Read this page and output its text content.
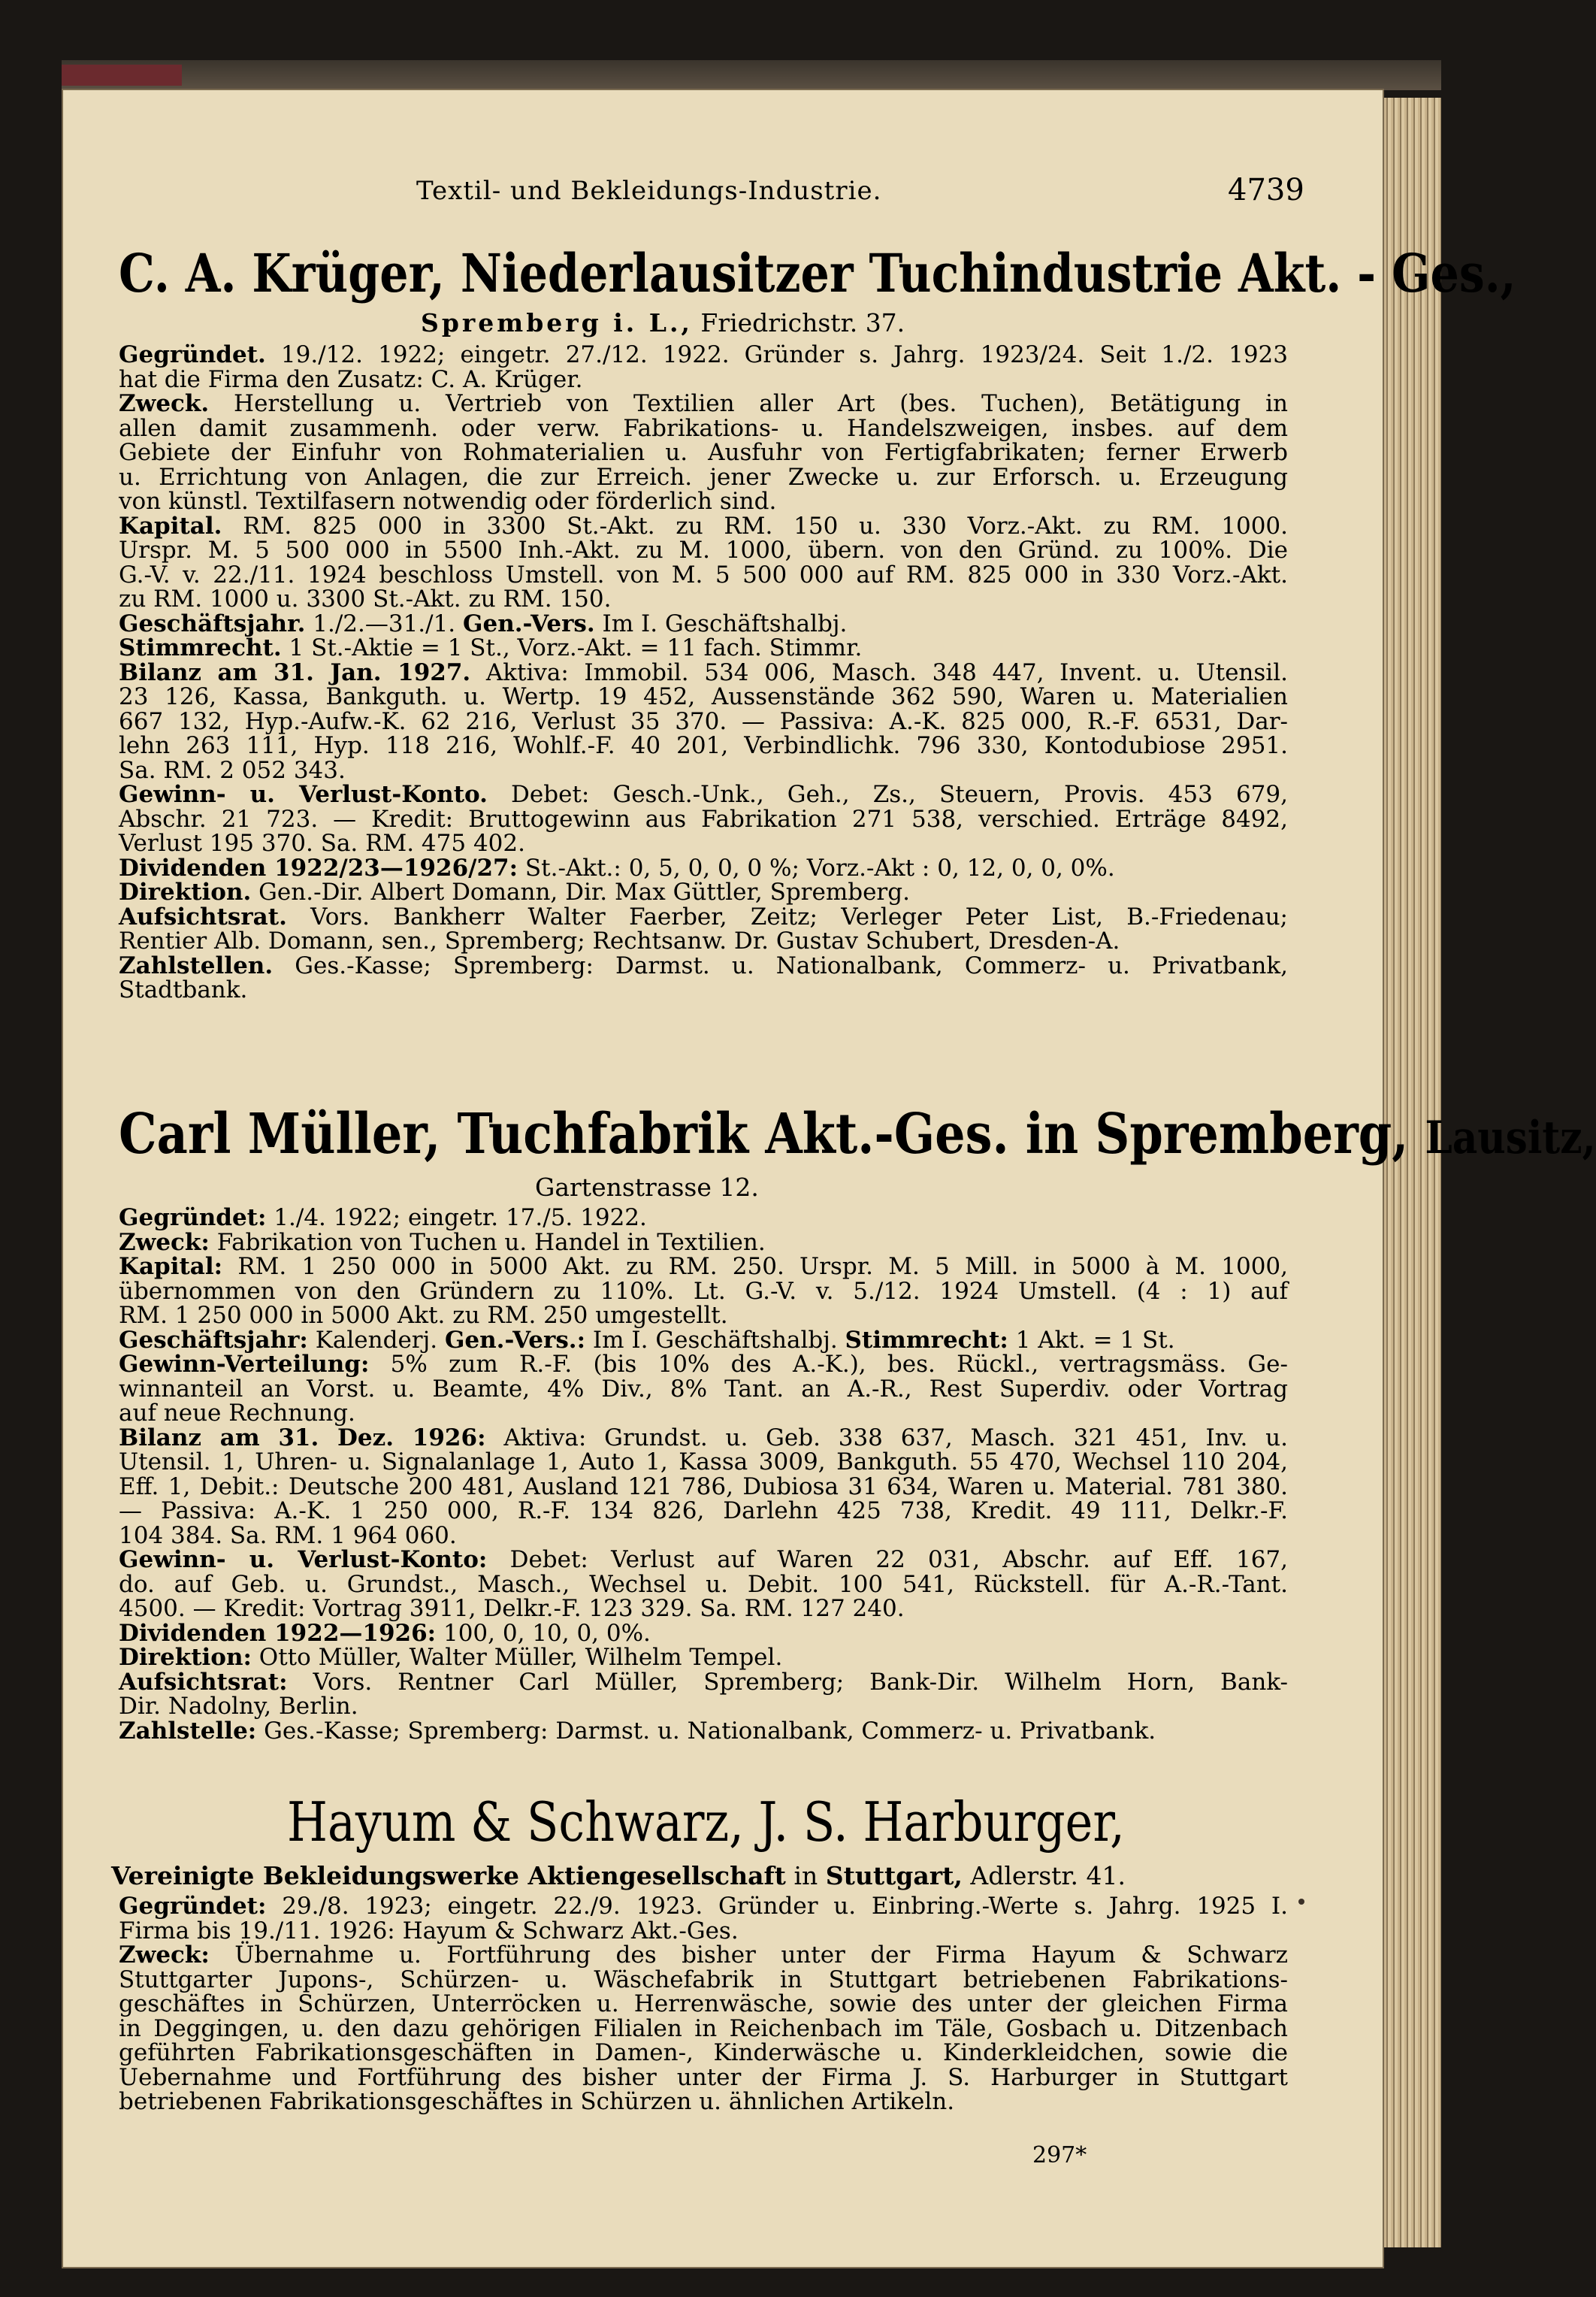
Textil- und Bekleidungs-Industrie.	4739
C. A. Krüger, Niederlausitzer Tuchindustrie Akt. - Ges.,
Spremberg i. L., Friedrichstr. 37.
Gegründet. 19./12. 1922; eingetr. 27./12. 1922. Gründer s. Jahrg. 1923/24. Seit 1./2. 1923
hat die Firma den Zusatz: C. A. Krüger.
Zweck. Herstellung u. Vertrieb von Textilien aller Art (bes. Tuchen), Betätigung in
allen damit zusammenh. oder verw. Fabrikations- u. Handelszweigen, insbes. auf dem
Gebiete der Einfuhr von Rohmaterialien u. Ausfuhr von Fertigfabrikaten; ferner Erwerb
u. Errichtung von Anlagen, die zur Erreich. jener Zwecke u. zur Erforsch. u. Erzeugung
von künstl. Textilfasern notwendig oder förderlich sind.
Kapital. RM. 825 000 in 3300 St.-Akt. zu RM. 150 u. 330 Vorz.-Akt. zu RM. 1000.
Urspr. M. 5 500 000 in 5500 Inh.-Akt. zu M. 1000, übern. von den Gründ. zu 100%. Die
G.-V. v. 22./11. 1924 beschloss Umstell. von M. 5 500 000 auf RM. 825 000 in 330 Vorz.-Akt.
zu RM. 1000 u. 3300 St.-Akt. zu RM. 150.
Geschäftsjahr. 1./2.—31./1. Gen.-Vers. Im I. Geschäftshalbj.
Stimmrecht. 1 St.-Aktie = 1 St., Vorz.-Akt. = 11 fach. Stimmr.
Bilanz am 31. Jan. 1927. Aktiva: Immobil. 534 006, Masch. 348 447, Invent. u. Utensil.
23 126, Kassa, Bankguth. u. Wertp. 19 452, Aussenstände 362 590, Waren u. Materialien
667 132, Hyp.-Aufw.-K. 62 216, Verlust 35 370. — Passiva: A.-K. 825 000, R.-F. 6531, Dar-
lehn 263 111, Hyp. 118 216, Wohlf.-F. 40 201, Verbindlichk. 796 330, Kontodubiose 2951.
Sa. RM. 2 052 343.
Gewinn- u. Verlust-Konto. Debet: Gesch.-Unk., Geh., Zs., Steuern, Provis. 453 679,
Abschr. 21 723. — Kredit: Bruttogewinn aus Fabrikation 271 538, verschied. Erträge 8492,
Verlust 195 370. Sa. RM. 475 402.
Dividenden 1922/23—1926/27: St.-Akt.: 0, 5, 0, 0, 0 %; Vorz.-Akt : 0, 12, 0, 0, 0%.
Direktion. Gen.-Dir. Albert Domann, Dir. Max Güttler, Spremberg.
Aufsichtsrat. Vors. Bankherr Walter Faerber, Zeitz; Verleger Peter List, B.-Friedenau;
Rentier Alb. Domann, sen., Spremberg; Rechtsanw. Dr. Gustav Schubert, Dresden-A.
Zahlstellen. Ges.-Kasse; Spremberg: Darmst. u. Nationalbank, Commerz- u. Privatbank,
Stadtbank.
Carl Müller, Tuchfabrik Akt.-Ges. in Spremberg, Lausitz,
Gartenstrasse 12.
Gegründet: 1./4. 1922; eingetr. 17./5. 1922.
Zweck: Fabrikation von Tuchen u. Handel in Textilien.
Kapital: RM. 1 250 000 in 5000 Akt. zu RM. 250. Urspr. M. 5 Mill. in 5000 à M. 1000,
übernommen von den Gründern zu 110%. Lt. G.-V. v. 5./12. 1924 Umstell. (4 : 1) auf
RM. 1 250 000 in 5000 Akt. zu RM. 250 umgestellt.
Geschäftsjahr: Kalenderj. Gen.-Vers.: Im I. Geschäftshalbj. Stimmrecht: 1 Akt. = 1 St.
Gewinn-Verteilung: 5% zum R.-F. (bis 10% des A.-K.), bes. Rückl., vertragsmäss. Ge-
winnanteil an Vorst. u. Beamte, 4% Div., 8% Tant. an A.-R., Rest Superdiv. oder Vortrag
auf neue Rechnung.
Bilanz am 31. Dez. 1926: Aktiva: Grundst. u. Geb. 338 637, Masch. 321 451, Inv. u.
Utensil. 1, Uhren- u. Signalanlage 1, Auto 1, Kassa 3009, Bankguth. 55 470, Wechsel 110 204,
Eff. 1, Debit.: Deutsche 200 481, Ausland 121 786, Dubiosa 31 634, Waren u. Material. 781 380.
— Passiva: A.-K. 1 250 000, R.-F. 134 826, Darlehn 425 738, Kredit. 49 111, Delkr.-F.
104 384. Sa. RM. 1 964 060.
Gewinn- u. Verlust-Konto: Debet: Verlust auf Waren 22 031, Abschr. auf Eff. 167,
do. auf Geb. u. Grundst., Masch., Wechsel u. Debit. 100 541, Rückstell. für A.-R.-Tant.
4500. — Kredit: Vortrag 3911, Delkr.-F. 123 329. Sa. RM. 127 240.
Dividenden 1922—1926: 100, 0, 10, 0, 0%.
Direktion: Otto Müller, Walter Müller, Wilhelm Tempel.
Aufsichtsrat: Vors. Rentner Carl Müller, Spremberg; Bank-Dir. Wilhelm Horn, Bank-
Dir. Nadolny, Berlin.
Zahlstelle: Ges.-Kasse; Spremberg: Darmst. u. Nationalbank, Commerz- u. Privatbank.
Hayum & Schwarz, J. S. Harburger,
Vereinigte Bekleidungswerke Aktiengesellschaft in Stuttgart, Adlerstr. 41.
Gegründet: 29./8. 1923; eingetr. 22./9. 1923. Gründer u. Einbring.-Werte s. Jahrg. 1925 I.
Firma bis 19./11. 1926: Hayum & Schwarz Akt.-Ges.
Zweck: Übernahme u. Fortführung des bisher unter der Firma Hayum & Schwarz
Stuttgarter Jupons-, Schürzen- u. Wäschefabrik in Stuttgart betriebenen Fabrikations-
geschäftes in Schürzen, Unterröcken u. Herrenwäsche, sowie des unter der gleichen Firma
in Deggingen, u. den dazu gehörigen Filialen in Reichenbach im Täle, Gosbach u. Ditzenbach
geführten Fabrikationsgeschäften in Damen-, Kinderwäsche u. Kinderkleidchen, sowie die
Uebernahme und Fortführung des bisher unter der Firma J. S. Harburger in Stuttgart
betriebenen Fabrikationsgeschäftes in Schürzen u. ähnlichen Artikeln.
297*
